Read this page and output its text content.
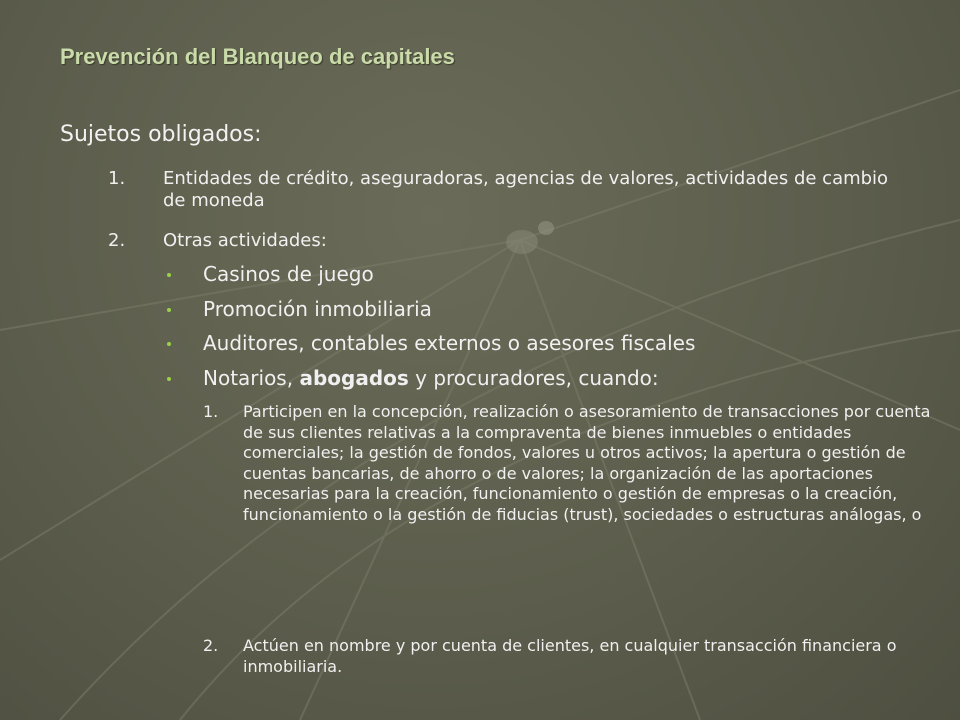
Prevención del Blanqueo de capitales
Sujetos obligados:
1.	Entidades de crédito, aseguradoras, agencias de valores, actividades de cambio de moneda
2.	Otras actividades:
Casinos de juego
Promoción inmobiliaria
Auditores, contables externos o asesores fiscales
Notarios, abogados y procuradores, cuando:
1.	Participen en la concepción, realización o asesoramiento de transacciones por cuenta de sus clientes relativas a la compraventa de bienes inmuebles o entidades comerciales; la gestión de fondos, valores u otros activos; la apertura o gestión de cuentas bancarias, de ahorro o de valores; la organización de las aportaciones necesarias para la creación, funcionamiento o gestión de empresas o la creación, funcionamiento o la gestión de fiducias (trust), sociedades o estructuras análogas, o
2.	Actúen en nombre y por cuenta de clientes, en cualquier transacción financiera o inmobiliaria.
